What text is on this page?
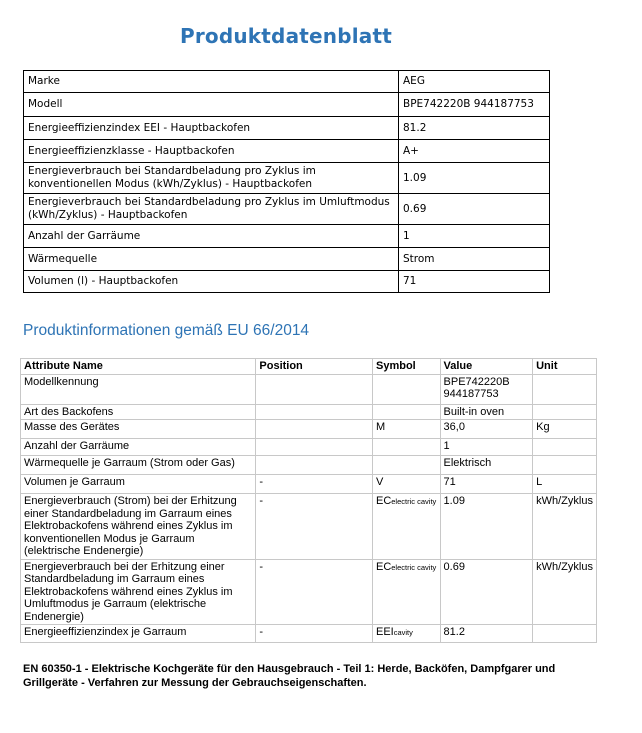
Produktdatenblatt
Marke	AEG
Modell	BPE742220B 944187753
Energieeffizienzindex EEI - Hauptbackofen	81.2
Energieeffizienzklasse - Hauptbackofen	A+
Energieverbrauch bei Standardbeladung pro Zyklus im konventionellen Modus (kWh/Zyklus) - Hauptbackofen	1.09
Energieverbrauch bei Standardbeladung pro Zyklus im Umluftmodus (kWh/Zyklus) - Hauptbackofen	0.69
Anzahl der Garräume	1
Wärmequelle	Strom
Volumen (l) - Hauptbackofen	71
Produktinformationen gemäß EU 66/2014
Attribute Name	Position	Symbol	Value	Unit
Modellkennung			BPE742220B 944187753	
Art des Backofens			Built-in oven	
Masse des Gerätes		M	36,0	Kg
Anzahl der Garräume			1	
Wärmequelle je Garraum (Strom oder Gas)			Elektrisch	
Volumen je Garraum	-	V	71	L
Energieverbrauch (Strom) bei der Erhitzung einer Standardbeladung im Garraum eines Elektrobackofens während eines Zyklus im konventionellen Modus je Garraum (elektrische Endenergie)	-	ECelectric cavity	1.09	kWh/Zyklus
Energieverbrauch bei der Erhitzung einer Standardbeladung im Garraum eines Elektrobackofens während eines Zyklus im Umluftmodus je Garraum (elektrische Endenergie)	-	ECelectric cavity	0.69	kWh/Zyklus
Energieeffizienzindex je Garraum	-	EEIcavity	81.2	
EN 60350-1 - Elektrische Kochgeräte für den Hausgebrauch - Teil 1: Herde, Backöfen, Dampfgarer und Grillgeräte - Verfahren zur Messung der Gebrauchseigenschaften.
